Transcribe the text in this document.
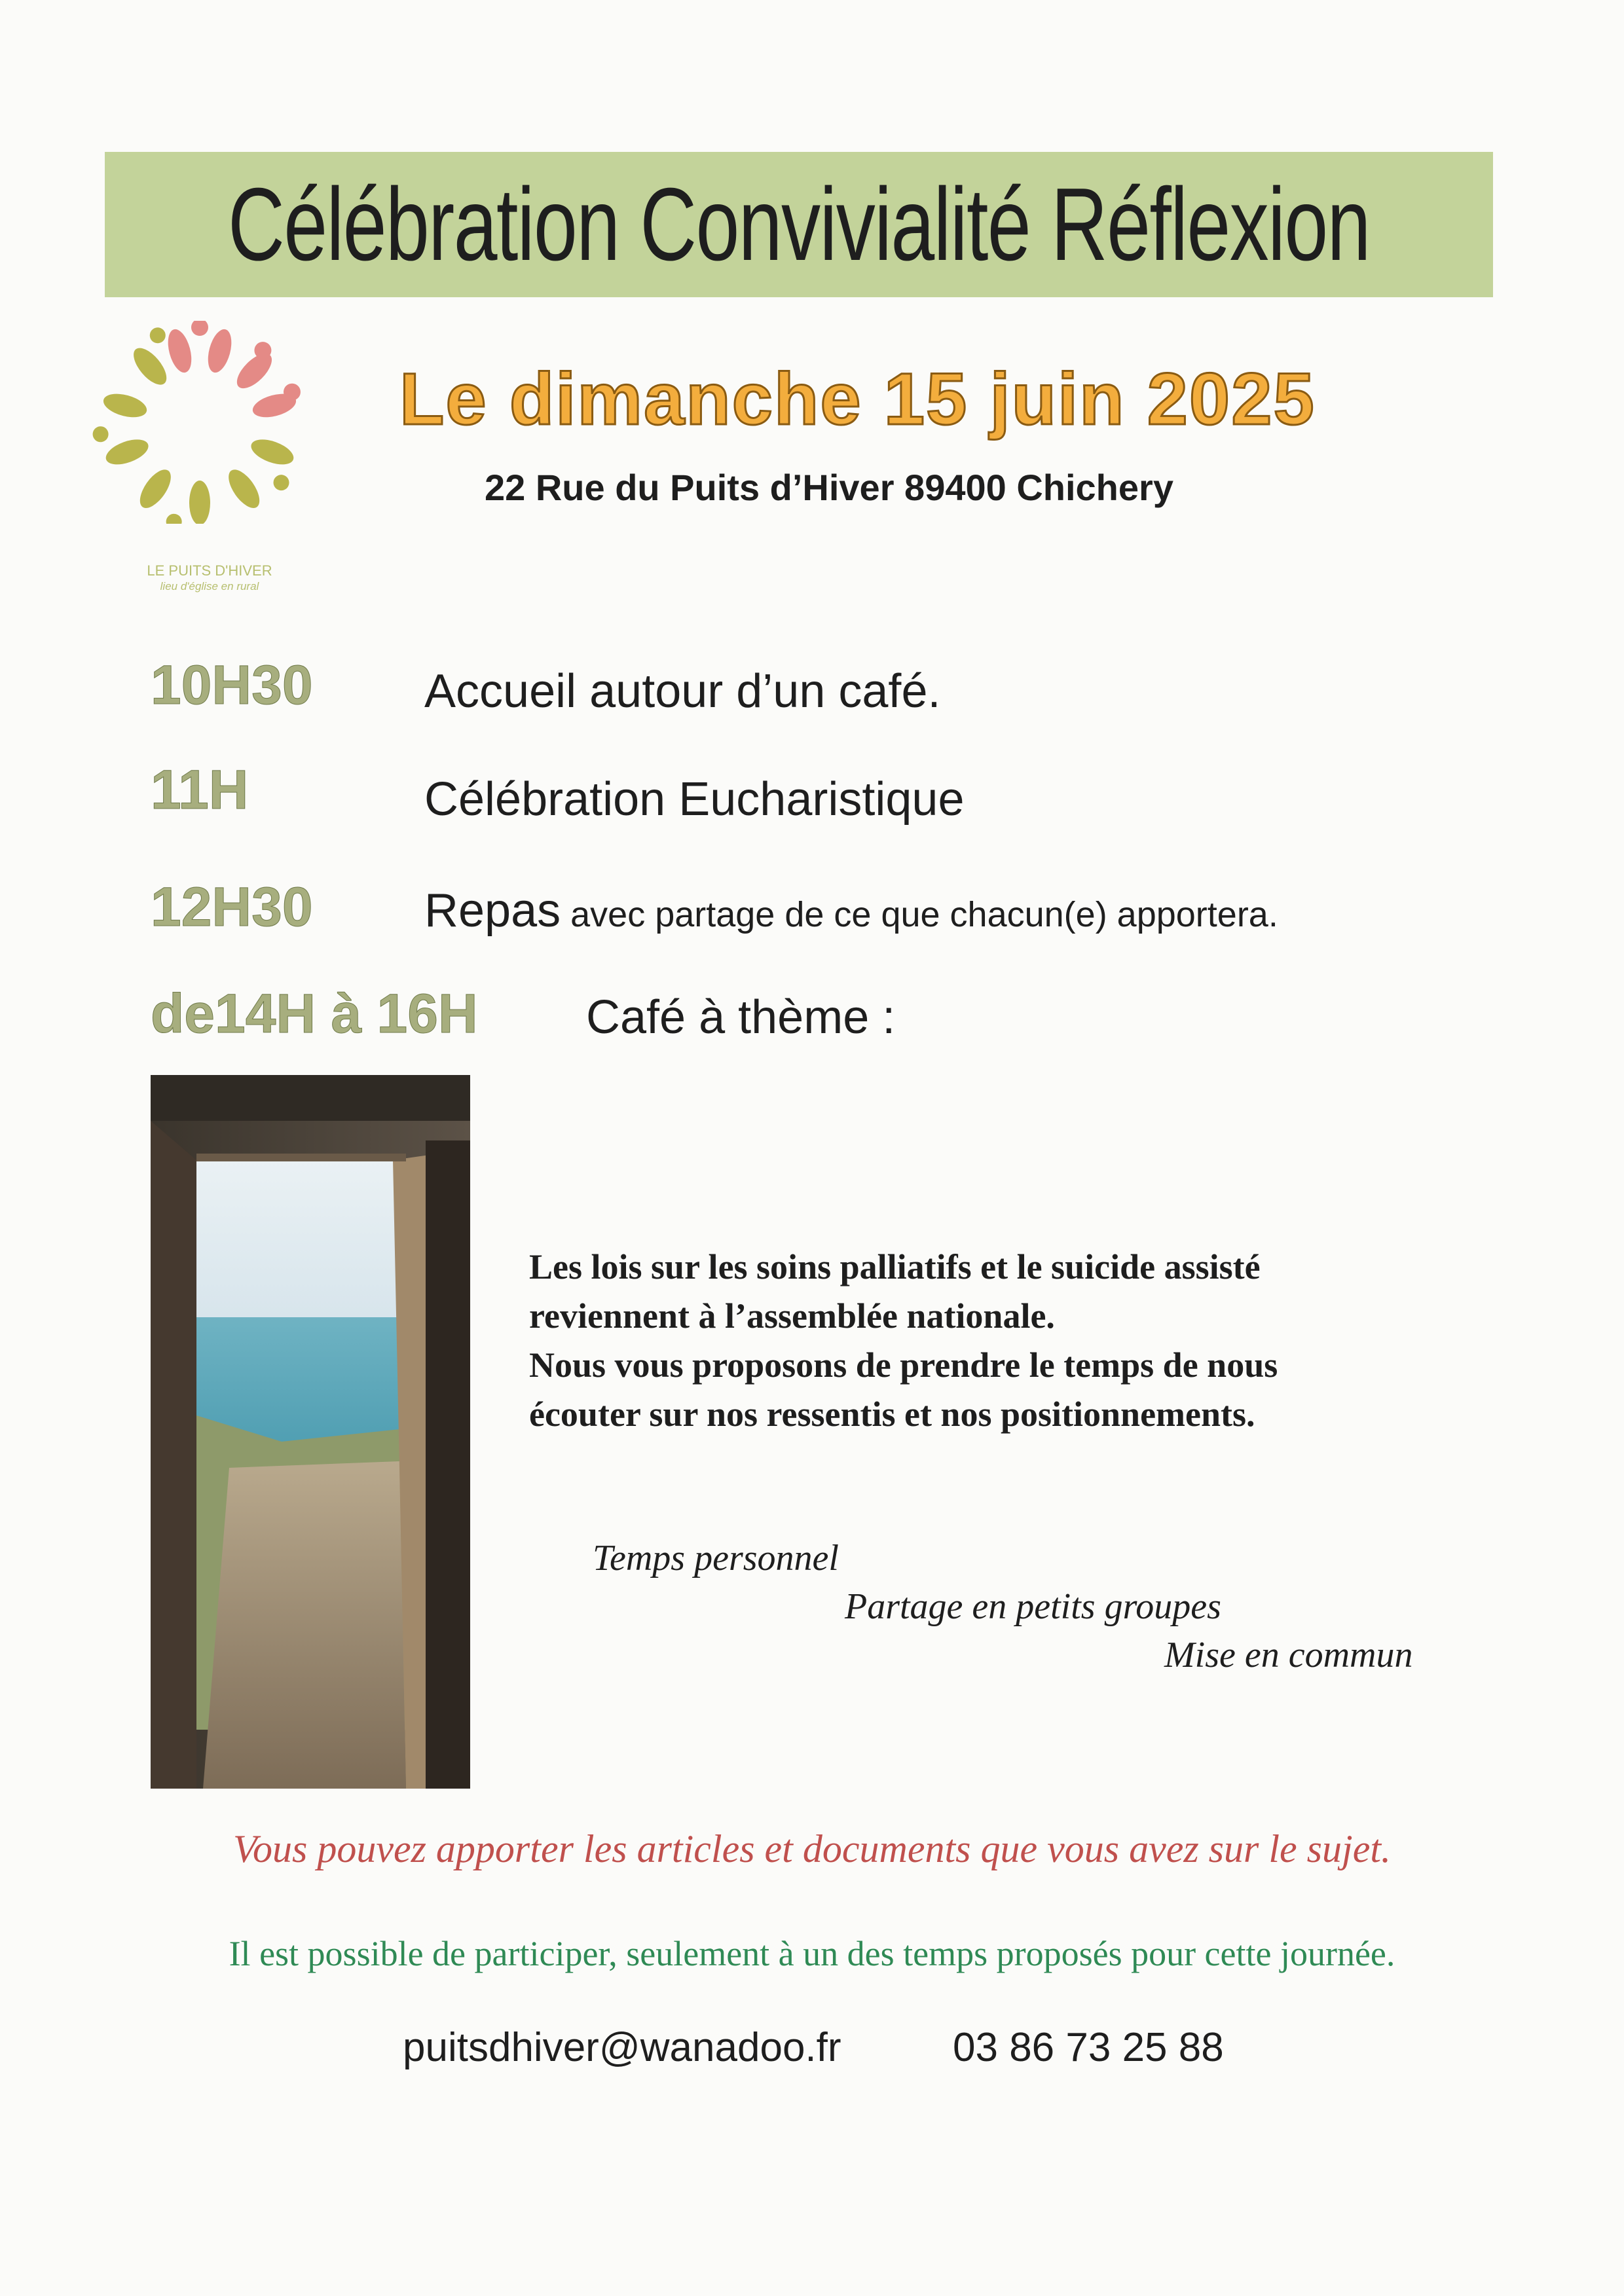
Célébration Convivialité Réflexion
LE PUITS D'HIVER
lieu d'église en rural
Le dimanche 15 juin 2025
22 Rue du Puits d’Hiver 89400 Chichery
10H30 Accueil autour d’un café.
11H	Célébration Eucharistique
12H30 Repas avec partage de ce que chacun(e) apportera.
de14H à 16H Café à thème :
Les lois sur les soins palliatifs et le suicide assisté
reviennent à l’assemblée nationale.
Nous vous proposons de prendre le temps de nous
écouter sur nos ressentis et nos positionnements.
Temps personnel
Partage en petits groupes
Mise en commun
Vous pouvez apporter les articles et documents que vous avez sur le sujet.
Il est possible de participer, seulement à un des temps proposés pour cette journée.
puitsdhiver@wanadoo.fr	03 86 73 25 88
